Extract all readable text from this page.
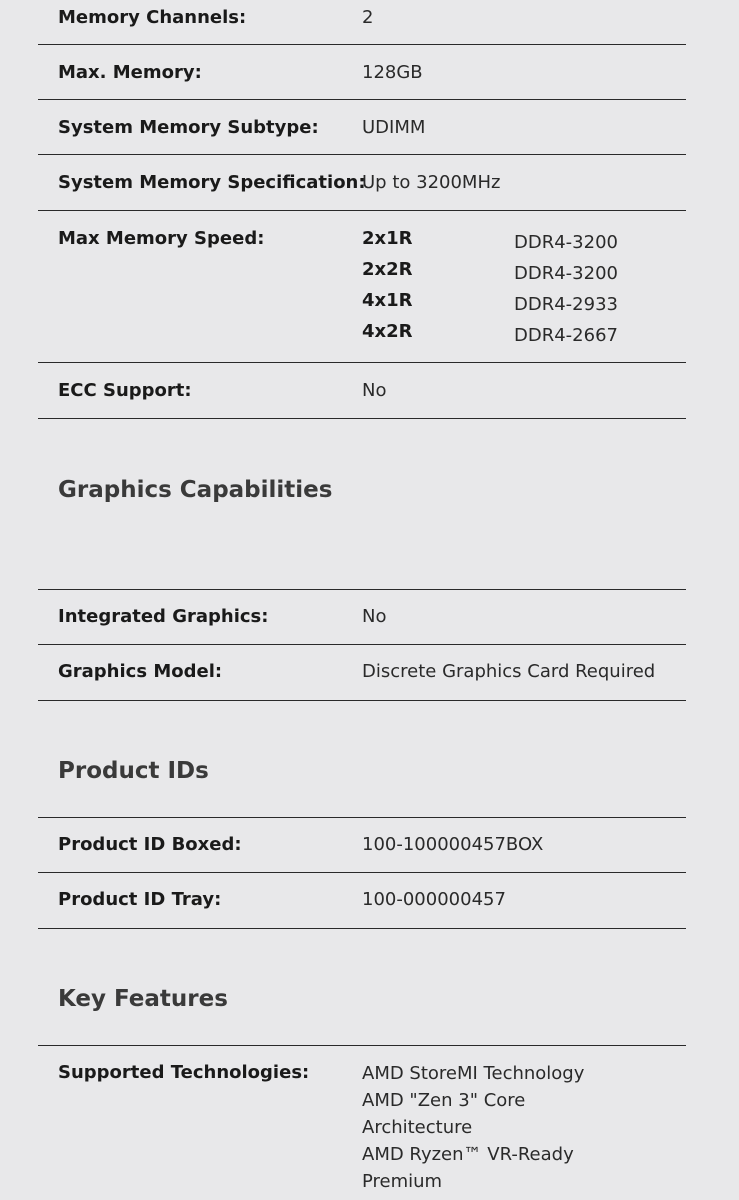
Memory Channels:	2
Max. Memory:	128GB
System Memory Subtype: UDIMM
System Memory Specification:
Up to 3200MHz
Max Memory Speed:	2x1R	DDR4-3200
2x2R	DDR4-3200
4x1R	DDR4-2933
4x2R	DDR4-2667
ECC Support:	No
Graphics Capabilities
Integrated Graphics:	No
Graphics Model:	Discrete Graphics Card Required
Product IDs
Product ID Boxed:	100-100000457BOX
Product ID Tray:	100-000000457
Key Features
Supported Technologies:	AMD StoreMI Technology
AMD "Zen 3" Core
Architecture
AMD Ryzen™ VR-Ready
Premium
